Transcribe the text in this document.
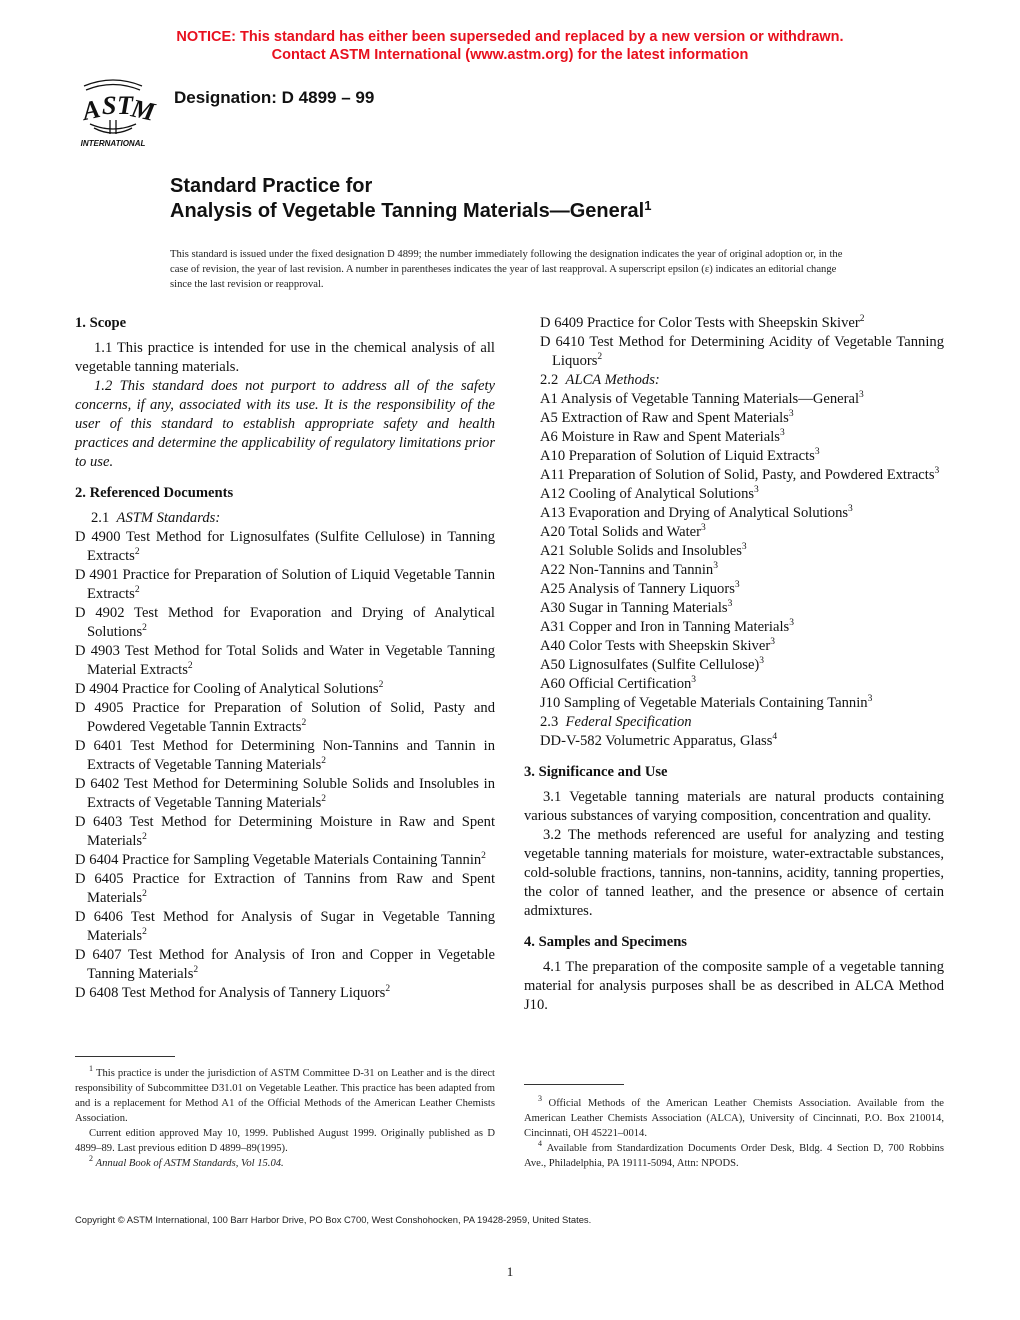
NOTICE: This standard has either been superseded and replaced by a new version or withdrawn.
Contact ASTM International (www.astm.org) for the latest information
A S T
M
INTERNATIONAL
Designation: D 4899 – 99
Standard Practice for
Analysis of Vegetable Tanning Materials—General$^1$
This standard is issued under the fixed designation D 4899; the number immediately following the designation indicates the year of original adoption or, in the case of revision, the year of last revision. A number in parentheses indicates the year of last reapproval. A superscript epsilon (ε) indicates an editorial change since the last revision or reapproval.
1. Scope

1.1 This practice is intended for use in the chemical analysis of all vegetable tanning materials.

1.2 This standard does not purport to address all of the safety concerns, if any, associated with its use. It is the responsibility of the user of this standard to establish appropriate safety and health practices and determine the applicability of regulatory limitations prior to use.

2. Referenced Documents

2.1 ASTM Standards:

D 4900 Test Method for Lignosulfates (Sulfite Cellulose) in Tanning Extracts$^2$

D 4901 Practice for Preparation of Solution of Liquid Vegetable Tannin Extracts$^2$

D 4902 Test Method for Evaporation and Drying of Analytical Solutions$^2$

D 4903 Test Method for Total Solids and Water in Vegetable Tanning Material Extracts$^2$

D 4904 Practice for Cooling of Analytical Solutions$^2$

D 4905 Practice for Preparation of Solution of Solid, Pasty and Powdered Vegetable Tannin Extracts$^2$

D 6401 Test Method for Determining Non-Tannins and Tannin in Extracts of Vegetable Tanning Materials$^2$

D 6402 Test Method for Determining Soluble Solids and Insolubles in Extracts of Vegetable Tanning Materials$^2$

D 6403 Test Method for Determining Moisture in Raw and Spent Materials$^2$

D 6404 Practice for Sampling Vegetable Materials Containing Tannin$^2$

D 6405 Practice for Extraction of Tannins from Raw and Spent Materials$^2$

D 6406 Test Method for Analysis of Sugar in Vegetable Tanning Materials$^2$

D 6407 Test Method for Analysis of Iron and Copper in Vegetable Tanning Materials$^2$

D 6408 Test Method for Analysis of Tannery Liquors$^2$

D 6409 Practice for Color Tests with Sheepskin Skiver$^2$

D 6410 Test Method for Determining Acidity of Vegetable Tanning Liquors$^2$

2.2 ALCA Methods:

A1 Analysis of Vegetable Tanning Materials—General$^3$

A5 Extraction of Raw and Spent Materials$^3$

A6 Moisture in Raw and Spent Materials$^3$

A10 Preparation of Solution of Liquid Extracts$^3$

A11 Preparation of Solution of Solid, Pasty, and Powdered Extracts$^3$

A12 Cooling of Analytical Solutions$^3$

A13 Evaporation and Drying of Analytical Solutions$^3$

A20 Total Solids and Water$^3$

A21 Soluble Solids and Insolubles$^3$

A22 Non-Tannins and Tannin$^3$

A25 Analysis of Tannery Liquors$^3$

A30 Sugar in Tanning Materials$^3$

A31 Copper and Iron in Tanning Materials$^3$

A40 Color Tests with Sheepskin Skiver$^3$

A50 Lignosulfates (Sulfite Cellulose)$^3$

A60 Official Certification$^3$

J10 Sampling of Vegetable Materials Containing Tannin$^3$

2.3 Federal Specification

DD-V-582 Volumetric Apparatus, Glass$^4$

3. Significance and Use

3.1 Vegetable tanning materials are natural products containing various substances of varying composition, concentration and quality.

3.2 The methods referenced are useful for analyzing and testing vegetable tanning materials for moisture, water-extractable substances, cold-soluble fractions, tannins, non-tannins, acidity, tanning properties, the color of tanned leather, and the presence or absence of certain admixtures.

4. Samples and Specimens

4.1 The preparation of the composite sample of a vegetable tanning material for analysis purposes shall be as described in ALCA Method J10.

$^1$ This practice is under the jurisdiction of ASTM Committee D-31 on Leather and is the direct responsibility of Subcommittee D31.01 on Vegetable Leather. This practice has been adapted from and is a replacement for Method A1 of the Official Methods of the American Leather Chemists Association.

Current edition approved May 10, 1999. Published August 1999. Originally published as D 4899–89. Last previous edition D 4899–89(1995).

$^2$ Annual Book of ASTM Standards, Vol 15.04.

$^3$ Official Methods of the American Leather Chemists Association. Available from the American Leather Chemists Association (ALCA), University of Cincinnati, P.O. Box 210014, Cincinnati, OH 45221–0014.

$^4$ Available from Standardization Documents Order Desk, Bldg. 4 Section D, 700 Robbins Ave., Philadelphia, PA 19111-5094, Attn: NPODS.

Copyright © ASTM International, 100 Barr Harbor Drive, PO Box C700, West Conshohocken, PA 19428-2959, United States.
1
